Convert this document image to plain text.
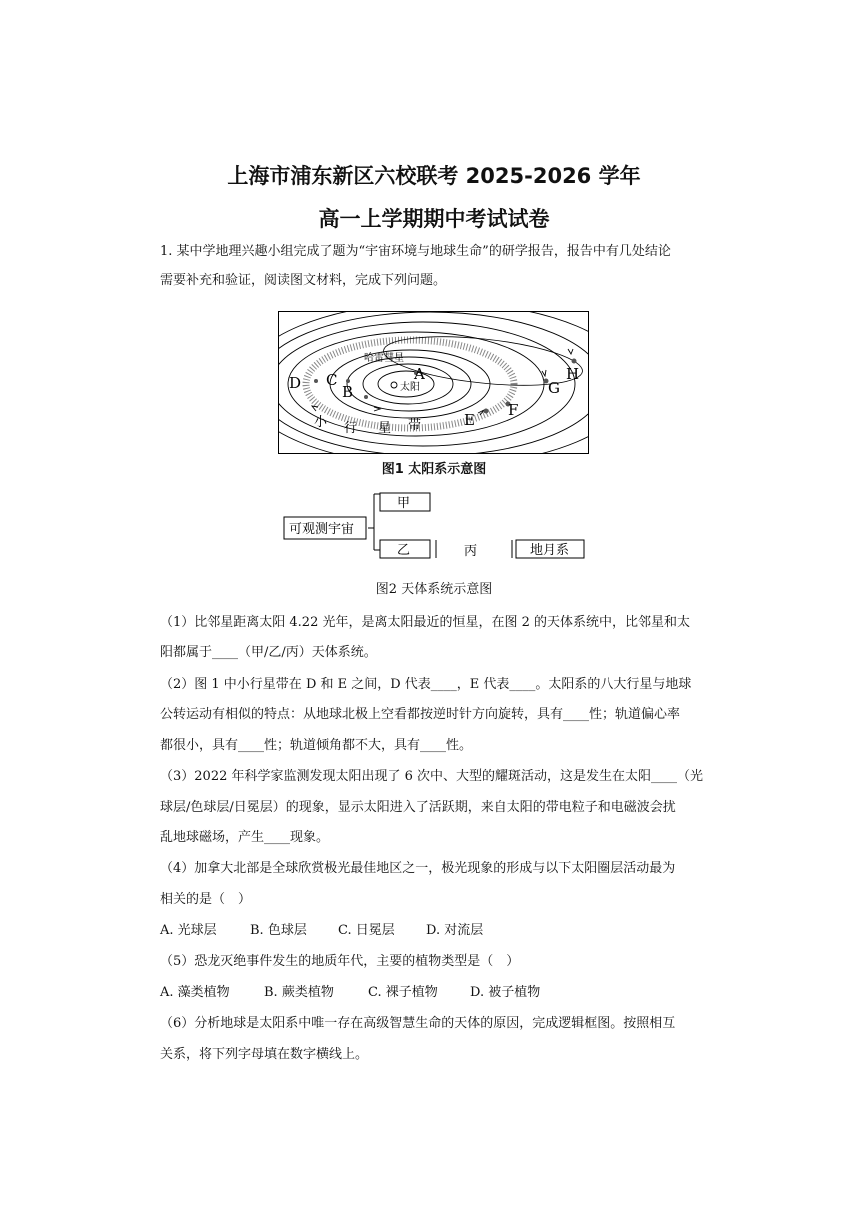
上海市浦东新区六校联考 2025-2026 学年
高一上学期期中考试试卷
1. 某中学地理兴趣小组完成了题为“宇宙环境与地球生命”的研学报告，报告中有几处结论
需要补充和验证，阅读图文材料，完成下列问题。
A
B
C
D
E
F
G
H
太阳
哈雷彗星
小 行 星 带
图1 太阳系示意图
可观测宇宙
甲
乙	丙	地月系
图2 天体系统示意图
（1）比邻星距离太阳 4.22 光年，是离太阳最近的恒星，在图 2 的天体系统中，比邻星和太
阳都属于____（甲/乙/丙）天体系统。
（2）图 1 中小行星带在 D 和 E 之间，D 代表____，E 代表____。太阳系的八大行星与地球
公转运动有相似的特点：从地球北极上空看都按逆时针方向旋转，具有____性；轨道偏心率
都很小，具有____性；轨道倾角都不大，具有____性。
（3）2022 年科学家监测发现太阳出现了 6 次中、大型的耀斑活动，这是发生在太阳____（光
球层/色球层/日冕层）的现象，显示太阳进入了活跃期，来自太阳的带电粒子和电磁波会扰
乱地球磁场，产生____现象。
（4）加拿大北部是全球欣赏极光最佳地区之一，极光现象的形成与以下太阳圈层活动最为
相关的是（　）
A. 光球层	B. 色球层 C. 日冕层 D. 对流层
（5）恐龙灭绝事件发生的地质年代，主要的植物类型是（　）
A. 藻类植物	B. 蕨类植物	C. 裸子植物 D. 被子植物
（6）分析地球是太阳系中唯一存在高级智慧生命的天体的原因，完成逻辑框图。按照相互
关系，将下列字母填在数字横线上。
